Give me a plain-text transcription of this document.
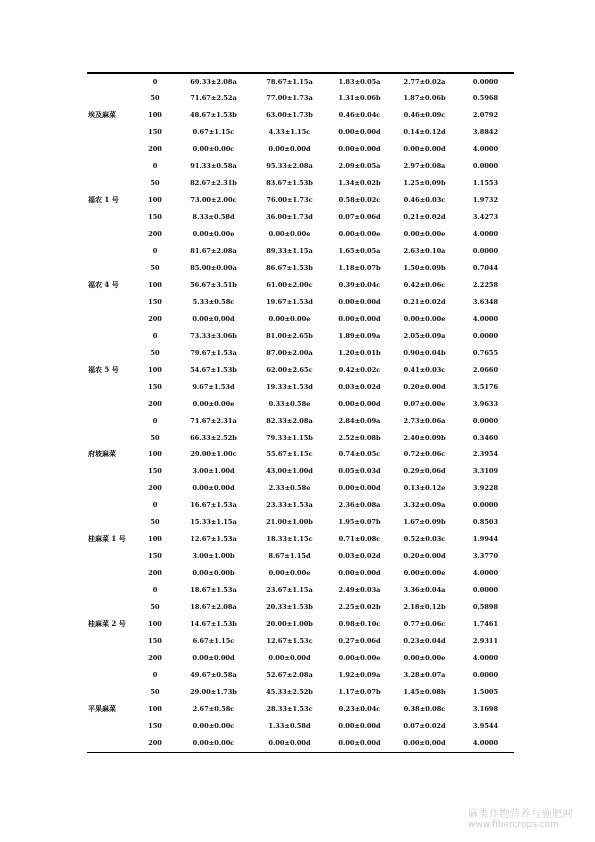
	0	69.33±2.08a	78.67±1.15a	1.83±0.05a	2.77±0.02a	0.0000
	50	71.67±2.52a	77.00±1.73a	1.31±0.06b	1.87±0.06b	0.5968
埃及麻菜	100	48.67±1.53b	63.00±1.73b	0.46±0.04c	0.46±0.09c	2.0792
	150	0.67±1.15c	4.33±1.15c	0.00±0.00d	0.14±0.12d	3.8842
	200	0.00±0.00c	0.00±0.00d	0.00±0.00d	0.00±0.00d	4.0000
	0	91.33±0.58a	95.33±2.08a	2.09±0.05a	2.97±0.08a	0.0000
	50	82.67±2.31b	83.67±1.53b	1.34±0.02b	1.25±0.09b	1.1553
福农 1 号	100	73.00±2.00c	76.00±1.73c	0.58±0.02c	0.46±0.03c	1.9732
	150	8.33±0.58d	36.00±1.73d	0.07±0.06d	0.21±0.02d	3.4273
	200	0.00±0.00e	0.00±0.00e	0.00±0.00e	0.00±0.00e	4.0000
	0	81.67±2.08a	89.33±1.15a	1.65±0.05a	2.63±0.10a	0.0000
	50	85.00±0.00a	86.67±1.53b	1.18±0.07b	1.50±0.09b	0.7044
福农 4 号	100	56.67±3.51b	61.00±2.00c	0.39±0.04c	0.42±0.06c	2.2258
	150	5.33±0.58c	19.67±1.53d	0.00±0.00d	0.21±0.02d	3.6348
	200	0.00±0.00d	0.00±0.00e	0.00±0.00d	0.00±0.00e	4.0000
	0	73.33±3.06b	81.00±2.65b	1.89±0.09a	2.05±0.09a	0.0000
	50	79.67±1.53a	87.00±2.00a	1.20±0.01b	0.90±0.04b	0.7655
福农 5 号	100	54.67±1.53b	62.00±2.65c	0.42±0.02c	0.41±0.03c	2.0660
	150	9.67±1.53d	19.33±1.53d	0.03±0.02d	0.20±0.00d	3.5176
	200	0.00±0.00e	0.33±0.58e	0.00±0.00d	0.07±0.00e	3.9633
	0	71.67±2.31a	82.33±2.08a	2.84±0.09a	2.73±0.06a	0.0000
	50	66.33±2.52b	79.33±1.15b	2.52±0.08b	2.40±0.09b	0.3460
府坡麻菜	100	29.00±1.00c	55.67±1.15c	0.74±0.05c	0.72±0.06c	2.3954
	150	3.00±1.00d	43.00±1.00d	0.05±0.03d	0.29±0.06d	3.3109
	200	0.00±0.00d	2.33±0.58e	0.00±0.00d	0.13±0.12e	3.9228
	0	16.67±1.53a	23.33±1.53a	2.36±0.08a	3.32±0.09a	0.0000
	50	15.33±1.15a	21.00±1.00b	1.95±0.07b	1.67±0.09b	0.8503
桂麻菜 1 号	100	12.67±1.53a	18.33±1.15c	0.71±0.08c	0.52±0.03c	1.9944
	150	3.00±1.00b	8.67±1.15d	0.03±0.02d	0.20±0.00d	3.3770
	200	0.00±0.00b	0.00±0.00e	0.00±0.00d	0.00±0.00e	4.0000
	0	18.67±1.53a	23.67±1.15a	2.49±0.03a	3.36±0.04a	0.0000
	50	18.67±2.08a	20.33±1.53b	2.25±0.02b	2.18±0.12b	0.5898
桂麻菜 2 号	100	14.67±1.53b	20.00±1.00b	0.98±0.10c	0.77±0.06c	1.7461
	150	6.67±1.15c	12.67±1.53c	0.27±0.06d	0.23±0.04d	2.9311
	200	0.00±0.00d	0.00±0.00d	0.00±0.00e	0.00±0.00e	4.0000
	0	49.67±0.58a	52.67±2.08a	1.92±0.09a	3.28±0.07a	0.0000
	50	29.00±1.73b	45.33±2.52b	1.17±0.07b	1.45±0.08b	1.5005
平果麻菜	100	2.67±0.58c	28.33±1.53c	0.23±0.04c	0.38±0.08c	3.1698
	150	0.00±0.00c	1.33±0.58d	0.00±0.00d	0.07±0.02d	3.9544
	200	0.00±0.00c	0.00±0.00d	0.00±0.00d	0.00±0.00d	4.0000
麻类作物营养与施肥网
www.fibercrops.com
